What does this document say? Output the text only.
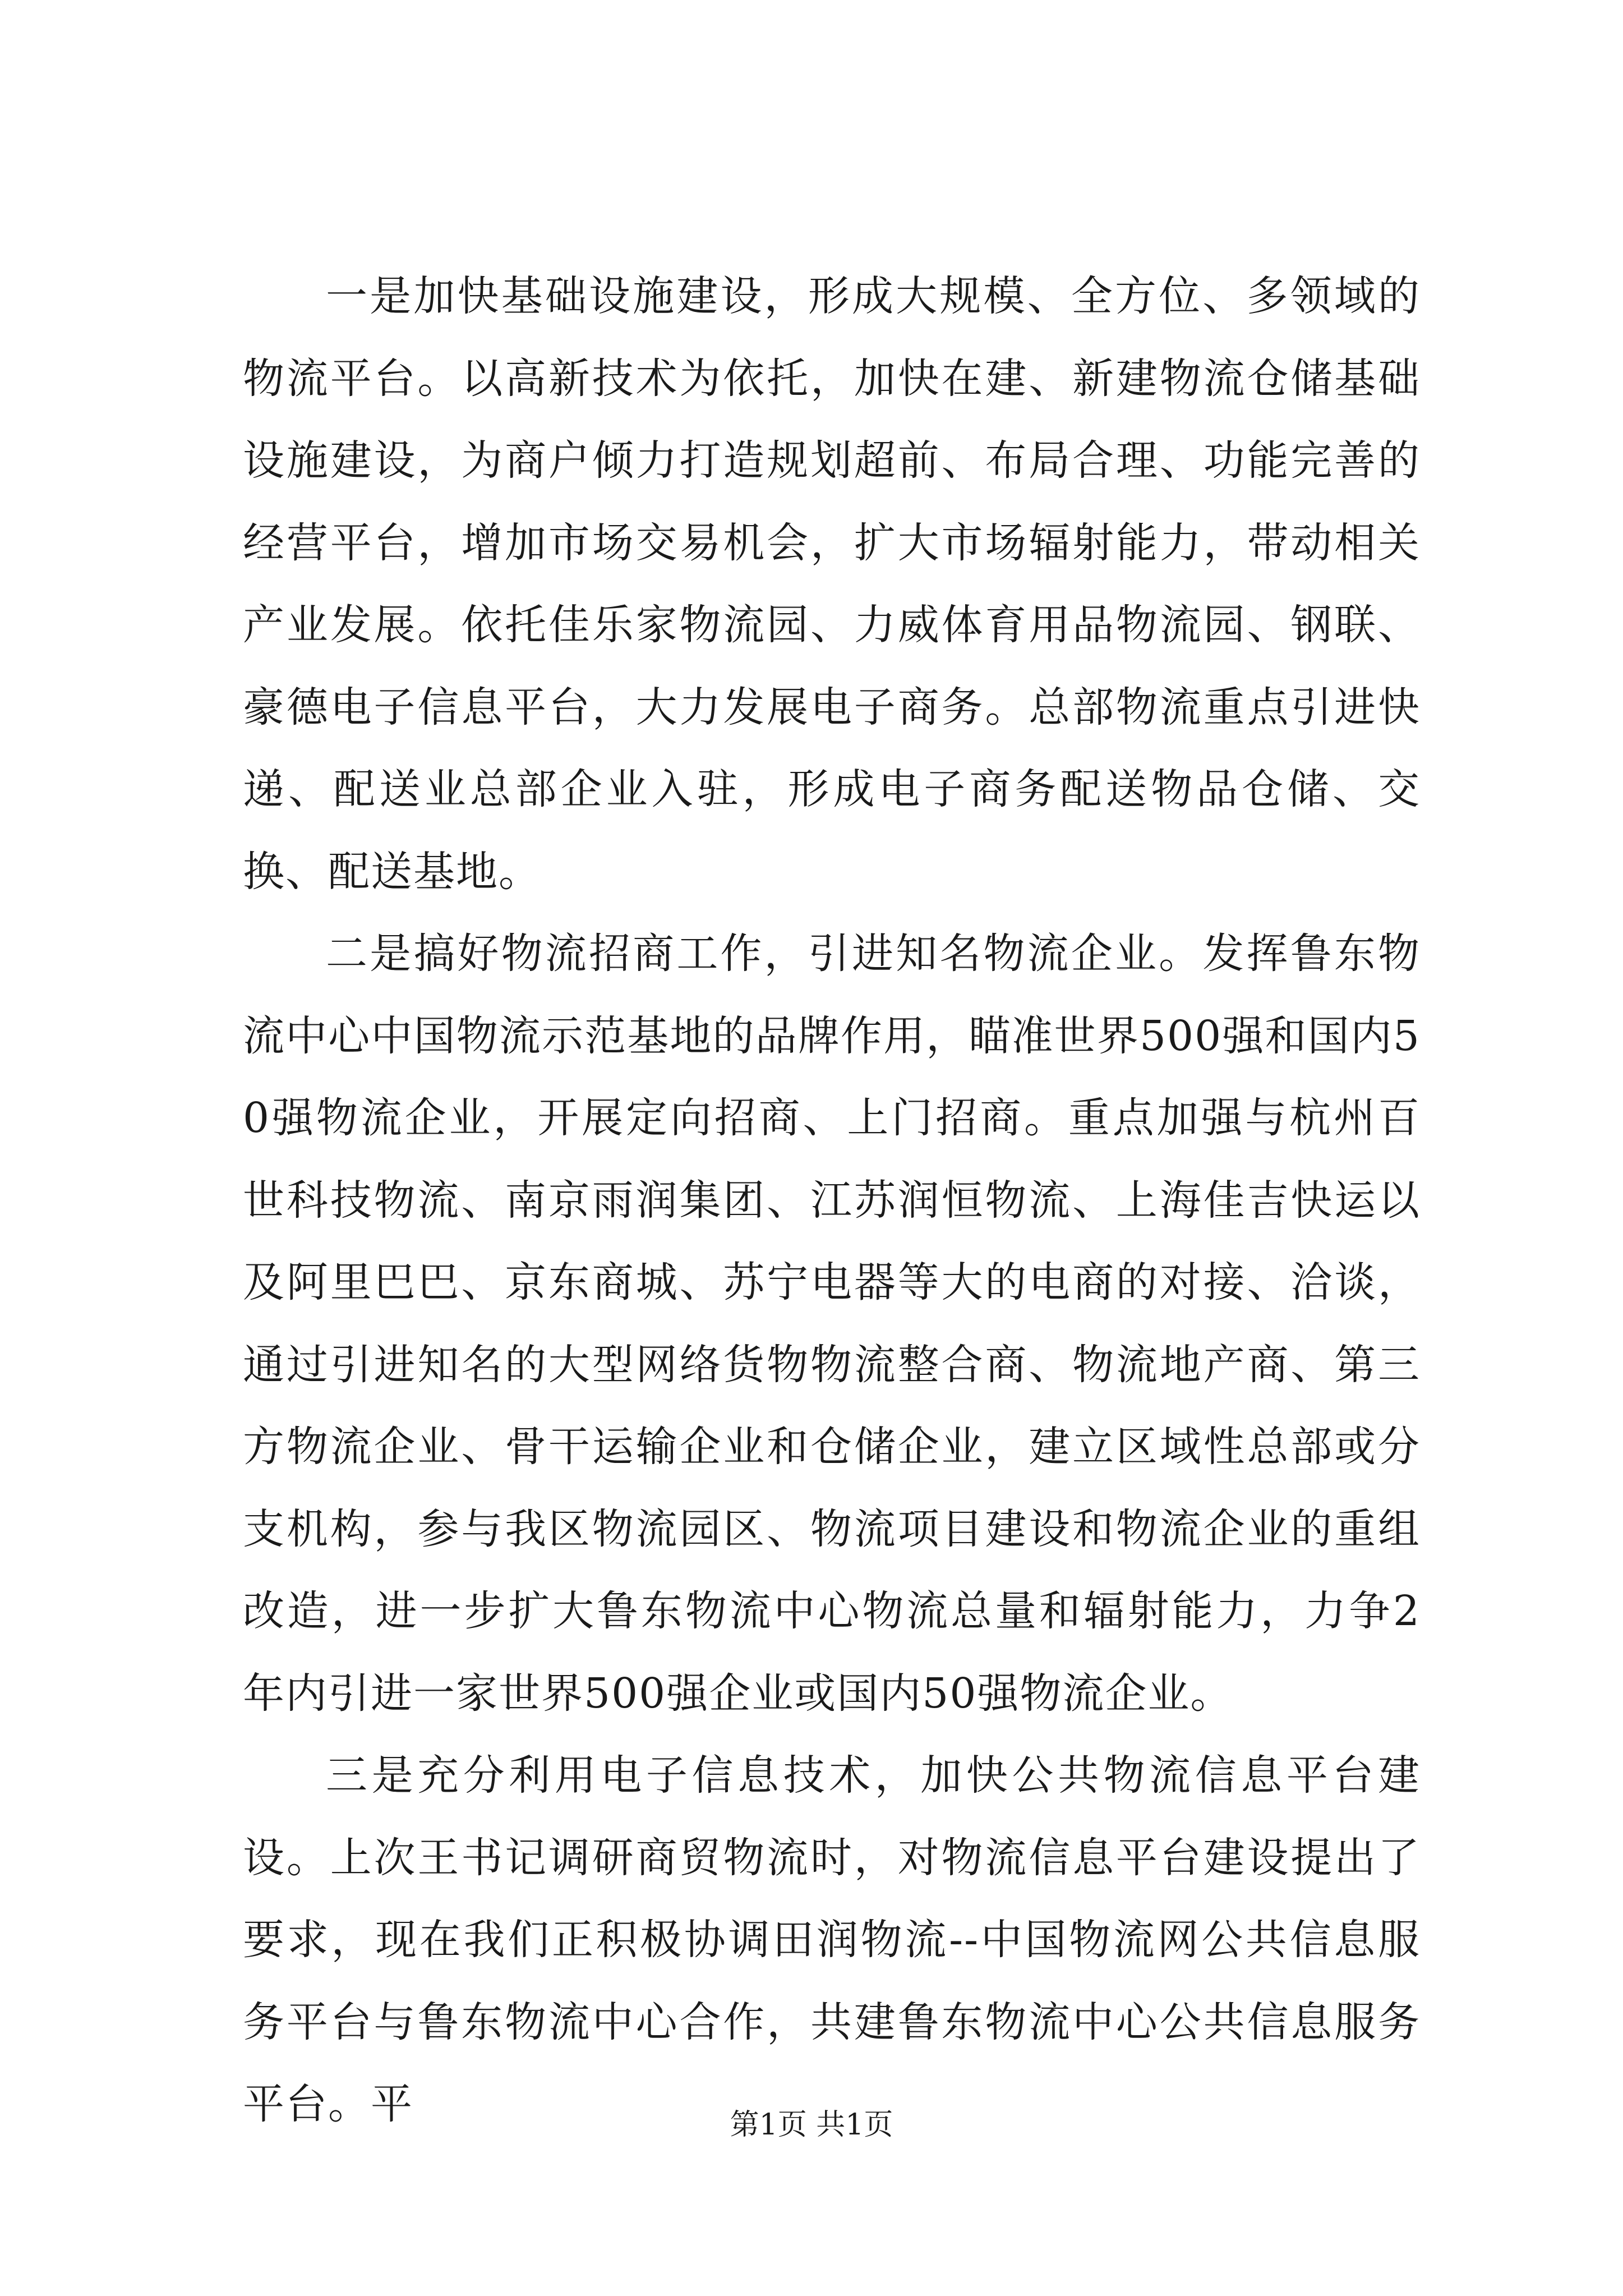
一是加快基础设施建设，形成大规模、全方位、多领域的物流平台。以高新技术为依托，加快在建、新建物流仓储基础设施建设，为商户倾力打造规划超前、布局合理、功能完善的经营平台，增加市场交易机会，扩大市场辐射能力，带动相关产业发展。依托佳乐家物流园、力威体育用品物流园、钢联、豪德电子信息平台，大力发展电子商务。总部物流重点引进快递、配送业总部企业入驻，形成电子商务配送物品仓储、交换、配送基地。

二是搞好物流招商工作，引进知名物流企业。发挥鲁东物流中心中国物流示范基地的品牌作用，瞄准世界500强和国内50强物流企业，开展定向招商、上门招商。重点加强与杭州百世科技物流、南京雨润集团、江苏润恒物流、上海佳吉快运以及阿里巴巴、京东商城、苏宁电器等大的电商的对接、洽谈，通过引进知名的大型网络货物物流整合商、物流地产商、第三方物流企业、骨干运输企业和仓储企业，建立区域性总部或分支机构，参与我区物流园区、物流项目建设和物流企业的重组改造，进一步扩大鲁东物流中心物流总量和辐射能力，力争2年内引进一家世界500强企业或国内50强物流企业。

三是充分利用电子信息技术，加快公共物流信息平台建设。上次王书记调研商贸物流时，对物流信息平台建设提出了要求，现在我们正积极协调田润物流--中国物流网公共信息服务平台与鲁东物流中心合作，共建鲁东物流中心公共信息服务平台。平	第1页 共1页
